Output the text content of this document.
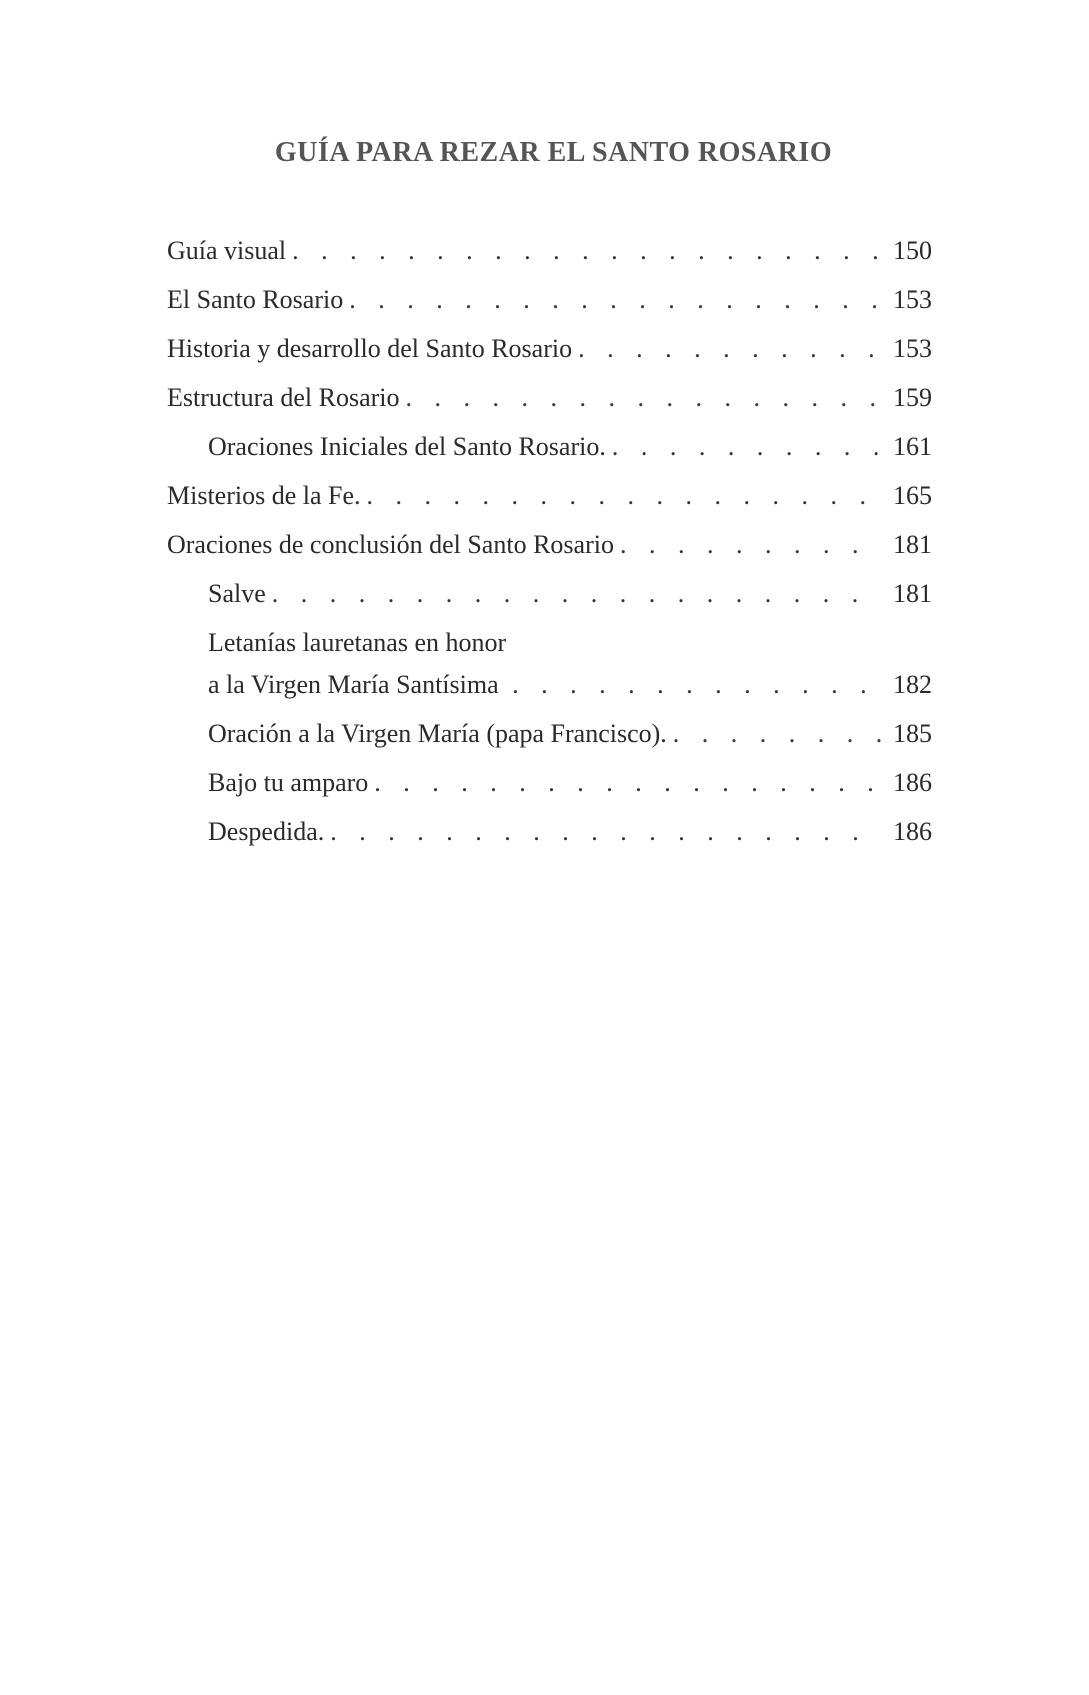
GUÍA PARA REZAR EL SANTO ROSARIO
Guía visual . . .	150
El Santo Rosario . . .	153
Historia y desarrollo del Santo Rosario . . .	153
Estructura del Rosario . . .	159
Oraciones Iniciales del Santo Rosario. . . .	161
Misterios de la Fe. . . .	165
Oraciones de conclusión del Santo Rosario . . .	181
Salve . . .	181
Letanías lauretanas en honor
a la Virgen María Santísima . . .	182
Oración a la Virgen María (papa Francisco). . . .	185
Bajo tu amparo . . .	186
Despedida. . . .	186
